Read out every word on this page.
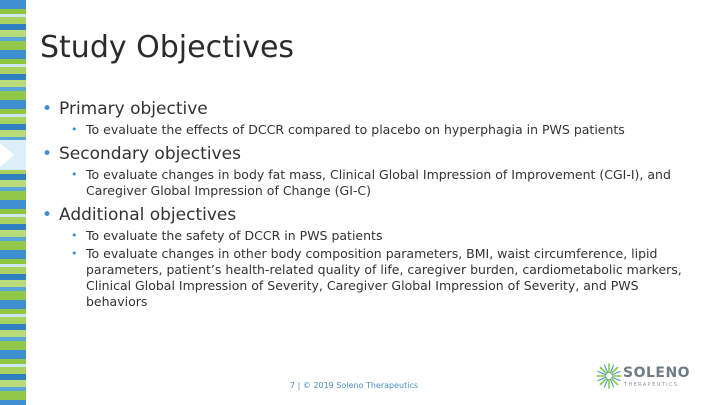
Study Objectives
• Primary objective
• To evaluate the effects of DCCR compared to placebo on hyperphagia in PWS patients
• Secondary objectives
• To evaluate changes in body fat mass, Clinical Global Impression of Improvement (CGI-I), and Caregiver Global Impression of Change (GI-C)
• Additional objectives
• To evaluate the safety of DCCR in PWS patients
• To evaluate changes in other body composition parameters, BMI, waist circumference, lipid parameters, patient’s health-related quality of life, caregiver burden, cardiometabolic markers, Clinical Global Impression of Severity, Caregiver Global Impression of Severity, and PWS behaviors
7 | © 2019 Soleno Therapeutics
SOLENO
THERAPEUTICS
